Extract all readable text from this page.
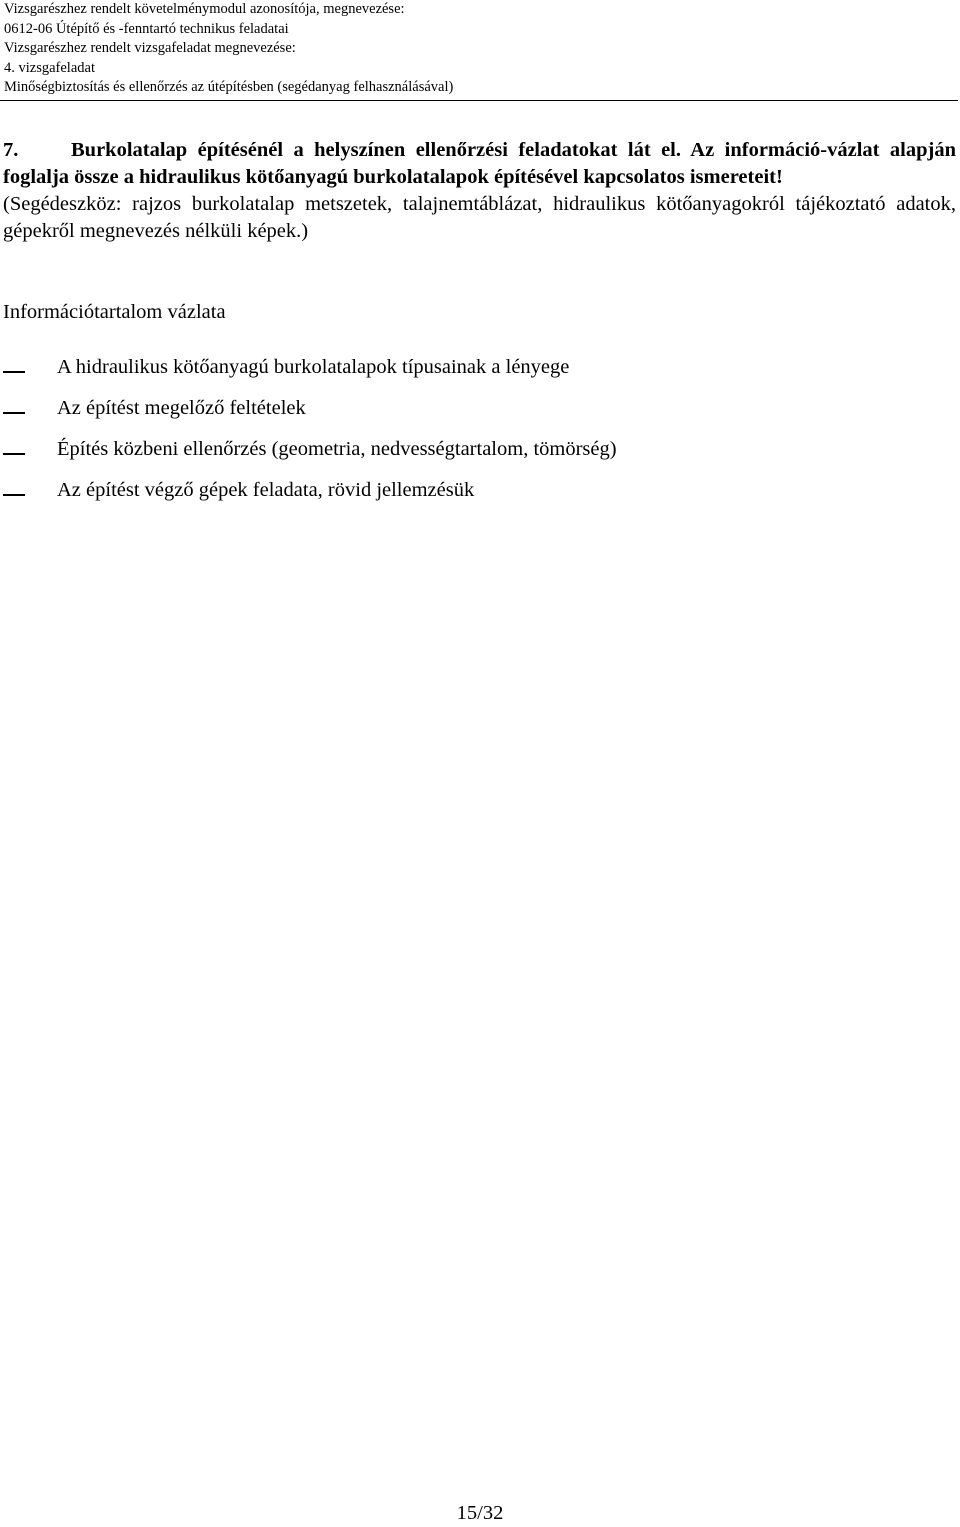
Vizsgarészhez rendelt követelménymodul azonosítója, megnevezése:
0612-06 Útépítő és -fenntartó technikus feladatai
Vizsgarészhez rendelt vizsgafeladat megnevezése:
4. vizsgafeladat
Minőségbiztosítás és ellenőrzés az útépítésben (segédanyag felhasználásával)

7.	Burkolatalap építésénél a helyszínen ellenőrzési feladatokat lát el. Az információ-vázlat alapján foglalja össze a hidraulikus kötőanyagú burkolatalapok építésével kapcsolatos ismereteit!

(Segédeszköz: rajzos burkolatalap metszetek, talajnemtáblázat, hidraulikus kötőanyagokról tájékoztató adatok, gépekről megnevezés nélküli képek.)

Információtartalom vázlata
A hidraulikus kötőanyagú burkolatalapok típusainak a lényege
Az építést megelőző feltételek
Építés közbeni ellenőrzés (geometria, nedvességtartalom, tömörség)
Az építést végző gépek feladata, rövid jellemzésük
15/32
